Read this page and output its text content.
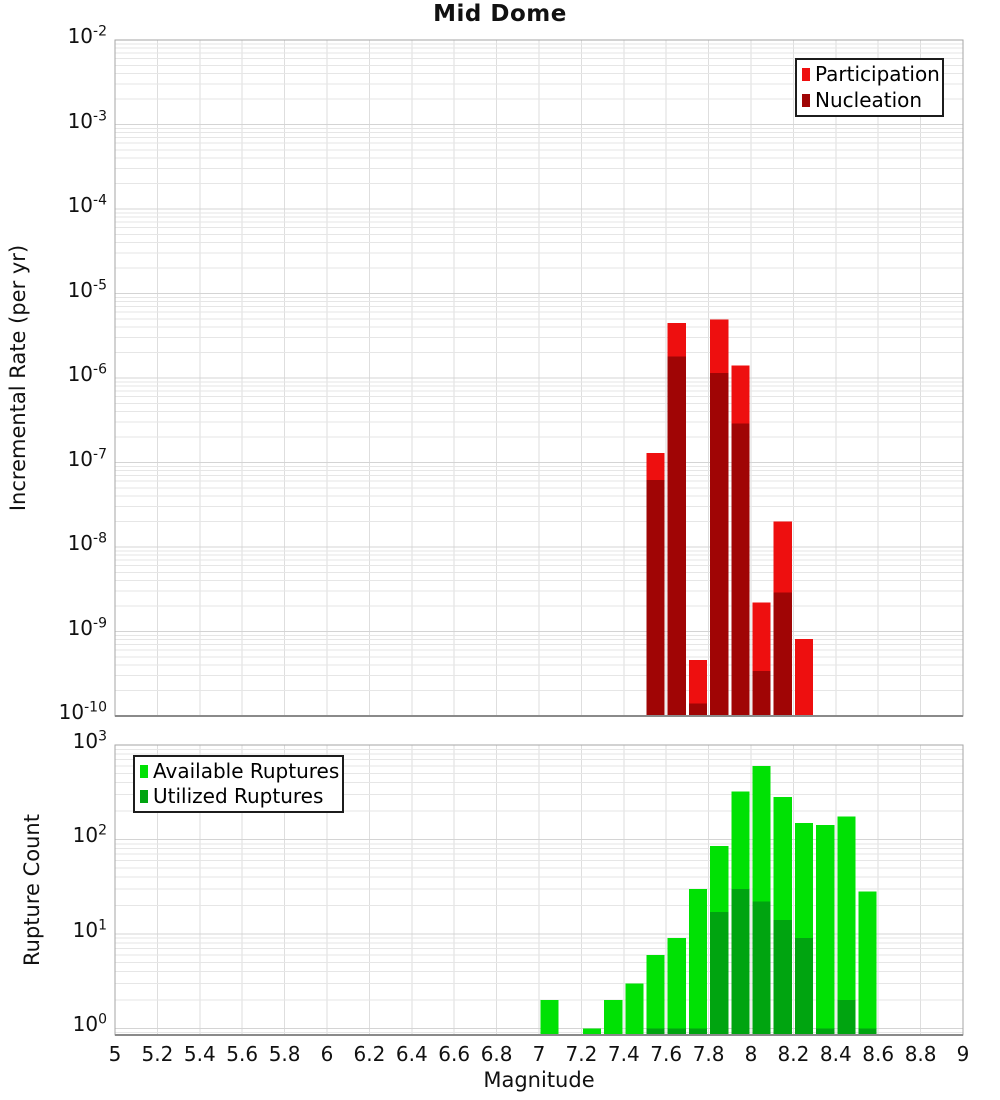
Mid Dome
Incremental Rate (per yr)
Rupture Count
Magnitude
Participation
Nucleation
Available Ruptures
Utilized Ruptures
$10^{-2}$
$10^{-3}$
$10^{-4}$
$10^{-5}$
$10^{-6}$
$10^{-7}$
$10^{-8}$
$10^{-9}$
$10^{-10}$
$10^3$
$10^2$
$10^1$
$10^0$
5	5.2 5.4 5.6 5.8	6	6.2 6.4 6.6 6.8	7	7.2 7.4 7.6 7.8	8	8.2 8.4 8.6 8.8	9
